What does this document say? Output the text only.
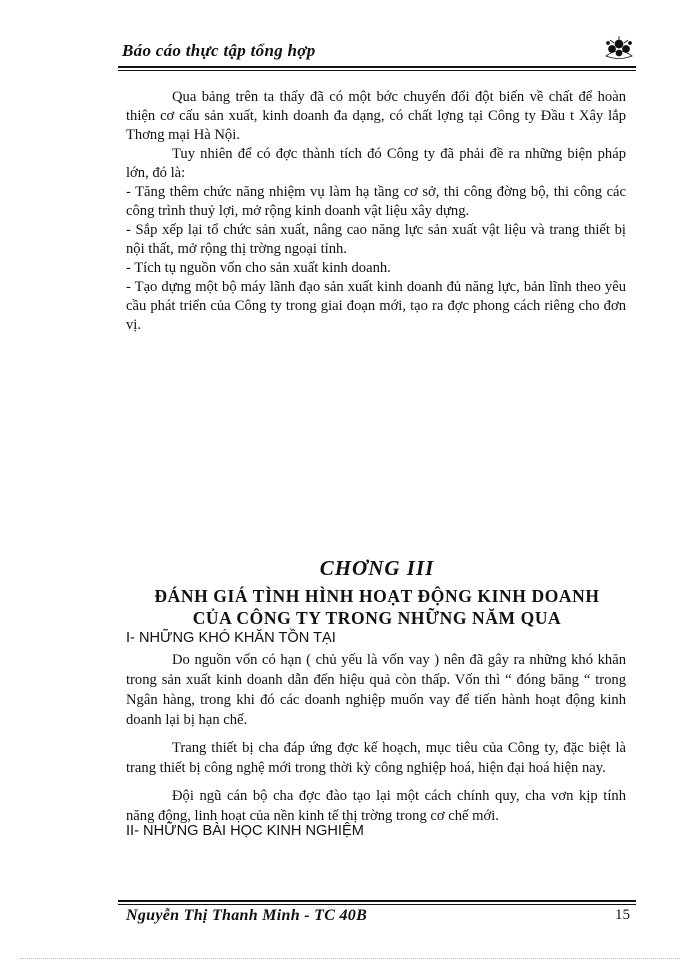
Báo cáo thực tập tổng hợp

Qua bảng trên ta thấy đã có một bớc chuyển đổi đột biến về chất để hoàn thiện cơ cấu sản xuất, kinh doanh đa dạng, có chất lợng tại Công ty Đầu t Xây lắp Thơng mại Hà Nội.

Tuy nhiên để có đợc thành tích đó Công ty đã phải đề ra những biện pháp lớn, đó là:

- Tăng thêm chức năng nhiệm vụ làm hạ tầng cơ sở, thi công đờng bộ, thi công các công trình thuỷ lợi, mở rộng kinh doanh vật liệu xây dựng.

- Sắp xếp lại tổ chức sản xuất, nâng cao năng lực sản xuất vật liệu và trang thiết bị nội thất, mở rộng thị trờng ngoại tỉnh.

- Tích tụ nguồn vốn cho sản xuất kinh doanh.

- Tạo dựng một bộ máy lãnh đạo sản xuất kinh doanh đủ năng lực, bản lĩnh theo yêu cầu phát triển của Công ty trong giai đoạn mới, tạo ra đợc phong cách riêng cho đơn vị.

CHƠNG III
ĐÁNH GIÁ TÌNH HÌNH HOẠT ĐỘNG KINH DOANH
CỦA CÔNG TY TRONG NHỮNG NĂM QUA
I- NHỮNG KHÓ KHĂN TỒN TẠI

Do nguồn vốn có hạn ( chủ yếu là vốn vay ) nên đã gây ra những khó khăn trong sản xuất kinh doanh dẫn đến hiệu quả còn thấp. Vốn thì “ đóng băng “ trong Ngân hàng, trong khi đó các doanh nghiệp muốn vay để tiến hành hoạt động kinh doanh lại bị hạn chế.

Trang thiết bị cha đáp ứng đợc kế hoạch, mục tiêu của Công ty, đặc biệt là trang thiết bị công nghệ mới trong thời kỳ công nghiệp hoá, hiện đại hoá hiện nay.

Đội ngũ cán bộ cha đợc đào tạo lại một cách chính quy, cha vơn kịp tính năng động, linh hoạt của nền kinh tế thị trờng trong cơ chế mới.

II- NHỮNG BÀI HỌC KINH NGHIỆM
Nguyễn Thị Thanh Minh - TC 40B	15
